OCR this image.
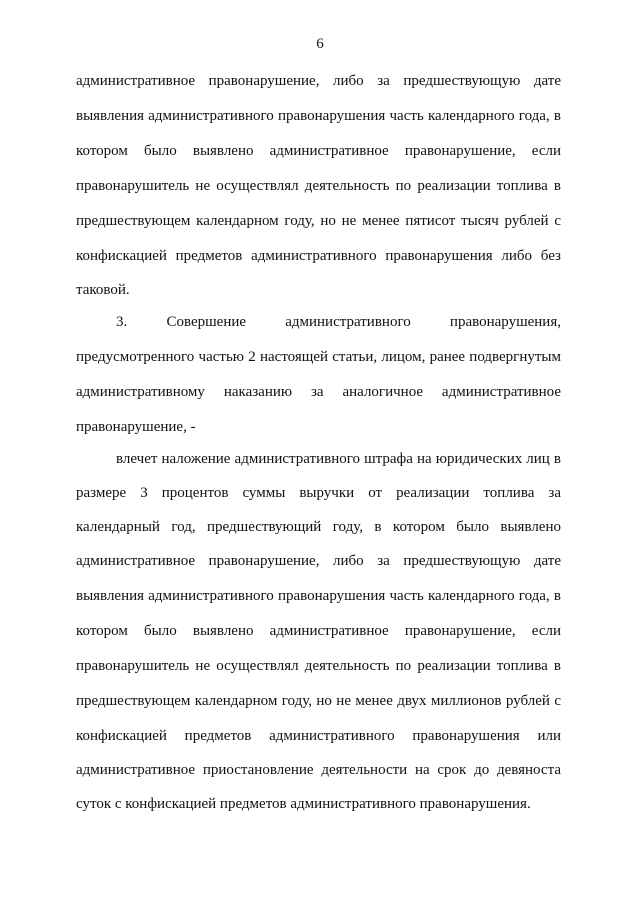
6
административное правонарушение, либо за предшествующую дате
выявления административного правонарушения часть календарного года, в
котором было выявлено административное правонарушение, если
правонарушитель не осуществлял деятельность по реализации топлива в
предшествующем календарном году, но не менее пятисот тысяч рублей с
конфискацией предметов административного правонарушения либо без
таковой.
3. Совершение административного правонарушения,
предусмотренного частью 2 настоящей статьи, лицом, ранее подвергнутым
административному наказанию за аналогичное административное
правонарушение, -
влечет наложение административного штрафа на юридических лиц в
размере 3 процентов суммы выручки от реализации топлива за
календарный год, предшествующий году, в котором было выявлено
административное правонарушение, либо за предшествующую дате
выявления административного правонарушения часть календарного года, в
котором было выявлено административное правонарушение, если
правонарушитель не осуществлял деятельность по реализации топлива в
предшествующем календарном году, но не менее двух миллионов рублей с
конфискацией предметов административного правонарушения или
административное приостановление деятельности на срок до девяноста
суток с конфискацией предметов административного правонарушения.
